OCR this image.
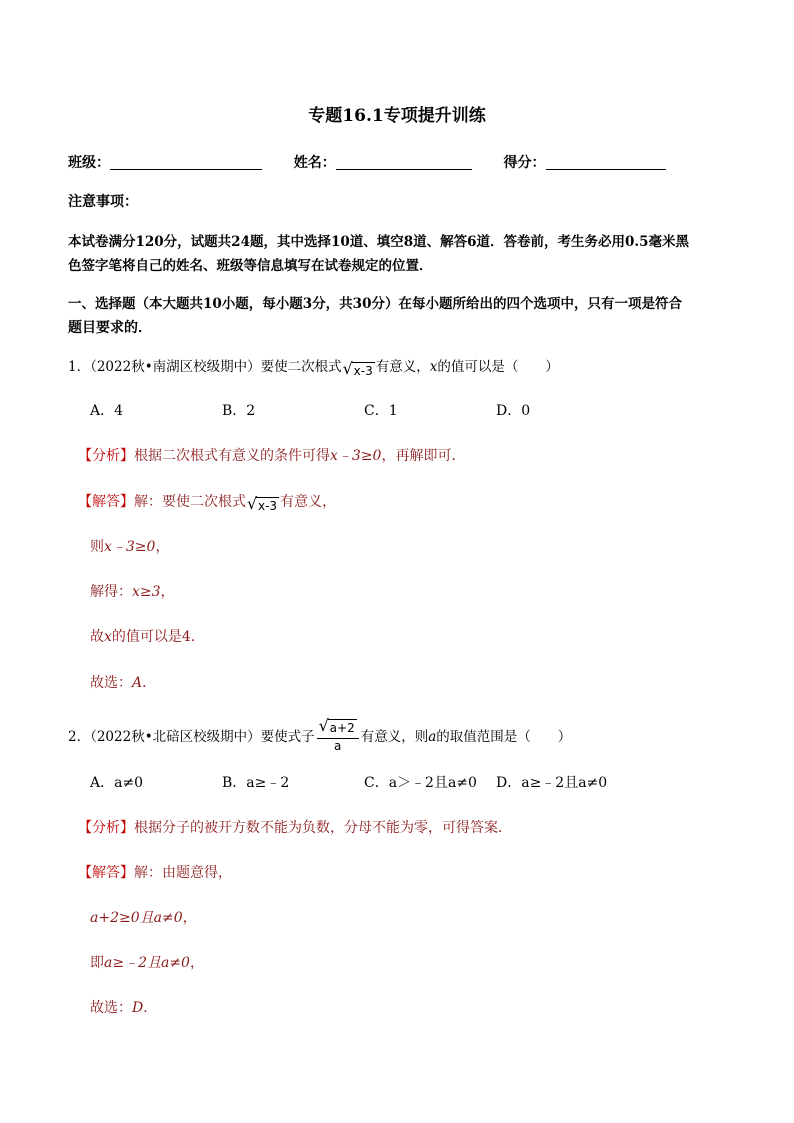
专题16.1专项提升训练
班级：	姓名：	得分：
注意事项：
本试卷满分120分，试题共24题，其中选择10道、填空8道、解答6道．答卷前，考生务必用0.5毫米黑
色签字笔将自己的姓名、班级等信息填写在试卷规定的位置．
一、选择题（本大题共10小题，每小题3分，共30分）在每小题所给出的四个选项中，只有一项是符合
题目要求的．
1．（2022秋•南湖区校级期中）要使二次根式 √ x-3 有意义，x的值可以是（　　）
A．4	B．2	C．1	D．0
【分析】根据二次根式有意义的条件可得x﹣3≥0，再解即可．
【解答】解：要使二次根式 √ x-3 有意义，
则x﹣3≥0，
解得：x≥3，
故x的值可以是4．
故选：A．
2．（2022秋•北碚区校级期中）要使式子 $\frac{√ a+2}{a}$ 有意义，则a的取值范围是（　　）
A．a≠0	B．a≥﹣2	C．a＞﹣2且a≠0 D．a≥﹣2且a≠0
【分析】根据分子的被开方数不能为负数，分母不能为零，可得答案．
【解答】解：由题意得，
a+2≥0且a≠0，
即a≥﹣2且a≠0，
故选：D．
